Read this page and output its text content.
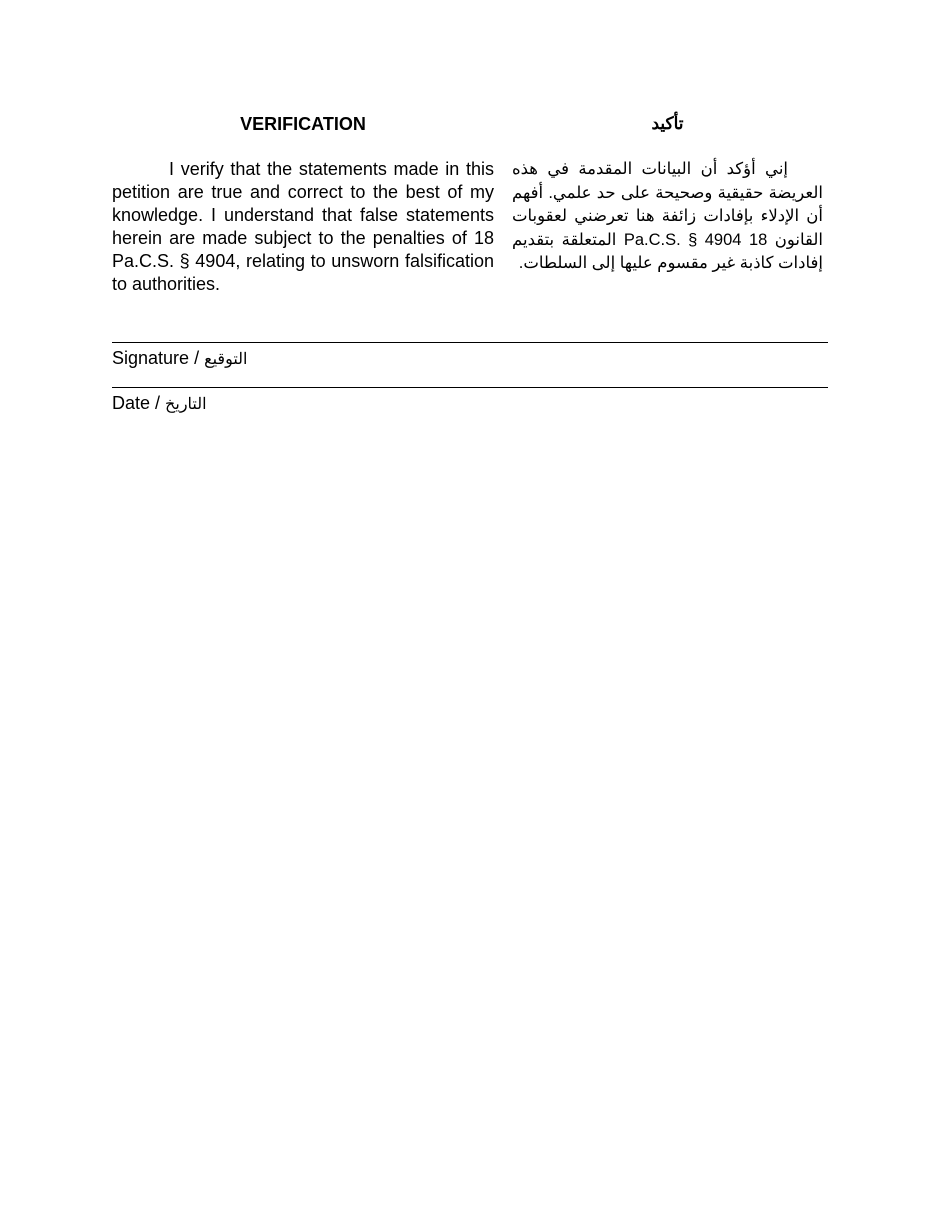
VERIFICATION

I verify that the statements made in this petition are true and correct to the best of my knowledge. I understand that false statements herein are made subject to the penalties of 18 Pa.C.S. § 4904, relating to unsworn falsification to authorities.

تأكيد

إني أؤكد أن البيانات المقدمة في هذه العريضة حقيقية وصحيحة على حد علمي. أفهم أن الإدلاء بإفادات زائفة هنا تعرضني لعقوبات القانون 18 Pa.C.S. § 4904 المتعلقة بتقديم إفادات كاذبة غير مقسوم عليها إلى السلطات.

Signature / التوقيع
Date / التاريخ
